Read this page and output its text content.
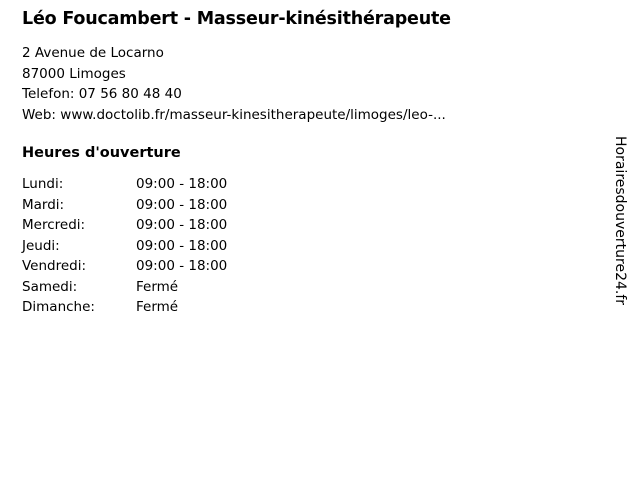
Léo Foucambert - Masseur-kinésithérapeute
2 Avenue de Locarno
87000 Limoges
Telefon: 07 56 80 48 40
Web: www.doctolib.fr/masseur-kinesitherapeute/limoges/leo-...
Heures d'ouverture
Lundi:	09:00 - 18:00
Mardi:	09:00 - 18:00
Mercredi:	09:00 - 18:00
Jeudi:	09:00 - 18:00
Vendredi:	09:00 - 18:00
Samedi:	Fermé
Dimanche:	Fermé
Horairesdouverture24.fr
